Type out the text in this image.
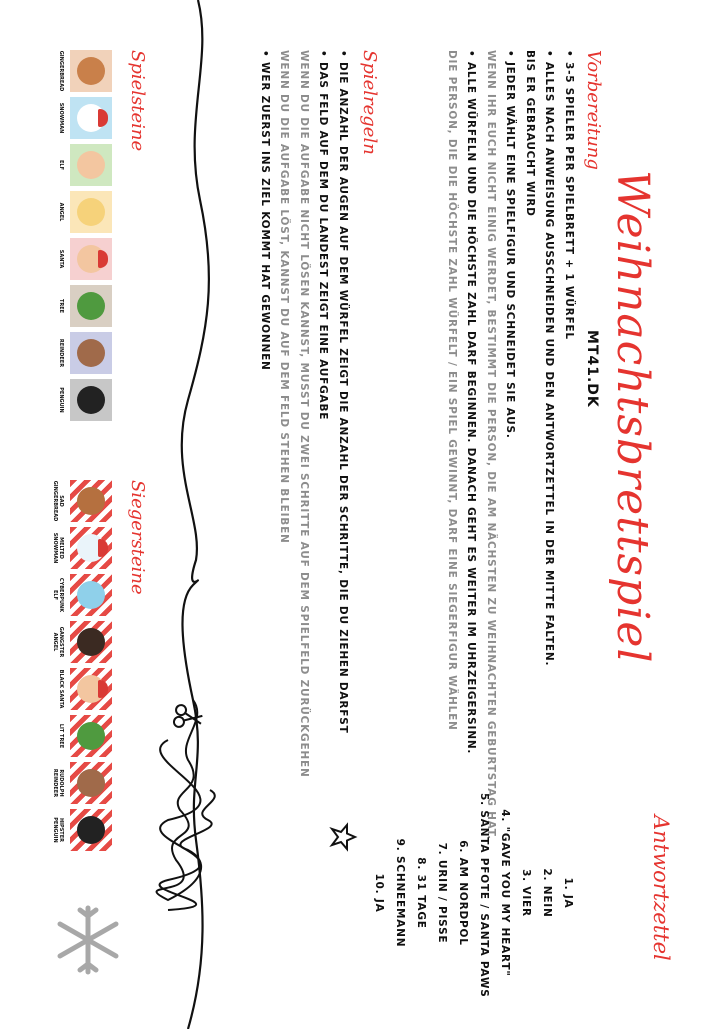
Weihnachtsbrettspiel
MT41.DK
Vorbereitung
• 3-5 SPIELER PER SPIELBRETT + 1 WÜRFEL
• ALLES NACH ANWEISUNG AUSSCHNEIDEN UND DEN ANTWORTZETTEL IN DER MITTE FALTEN.
BIS ER GEBRAUCHT WIRD
• JEDER WÄHLT EINE SPIELFIGUR UND SCHNEIDET SIE AUS.
WENN IHR EUCH NICHT EINIG WERDET, BESTIMMT DIE PERSON, DIE AM NÄCHSTEN ZU WEIHNACHTEN GEBURTSTAG HAT.
• ALLE WÜRFELN UND DIE HÖCHSTE ZAHL DARF BEGINNEN. DANACH GEHT ES WEITER IM UHRZEIGERSINN.
DIE PERSON, DIE DIE HÖCHSTE ZAHL WÜRFELT / EIN SPIEL GEWINNT, DARF EINE SIEGERFIGUR WÄHLEN
Spielregeln
• DIE ANZAHL DER AUGEN AUF DEM WÜRFEL ZEIGT DIE ANZAHL DER SCHRITTE, DIE DU ZIEHEN DARFST
• DAS FELD AUF DEM DU LANDEST ZEIGT EINE AUFGABE
WENN DU DIE AUFGABE NICHT LÖSEN KANNST, MUSST DU ZWEI SCHRITTE AUF DEM SPIELFELD ZURÜCKGEHEN
WENN DU DIE AUFGABE LÖST, KANNST DU AUF DEM FELD STEHEN BLEIBEN
• WER ZUERST INS ZIEL KOMMT HAT GEWONNEN
Antwortzettel
1. JA
2. NEIN
3. VIER
4. "GAVE YOU MY HEART"
5. SANTA PFOTE / SANTA PAWS
6. AM NORDPOL
7. URIN / PISSE
8. 31 TAGE
9. SCHNEEMANN
10. JA
Spielsteine
GINGERBREAD
SNOWMAN
ELF
ANGEL
SANTA
TREE
REINDEER
PENGUIN
Siegersteine
SAD GINGERBREAD
MELTED SNOWMAN
CYBERPUNK ELF
GANGSTER ANGEL
BLACK SANTA
LIT TREE
RUDOLPH REINDEER
HIPSTER PENGUIN
